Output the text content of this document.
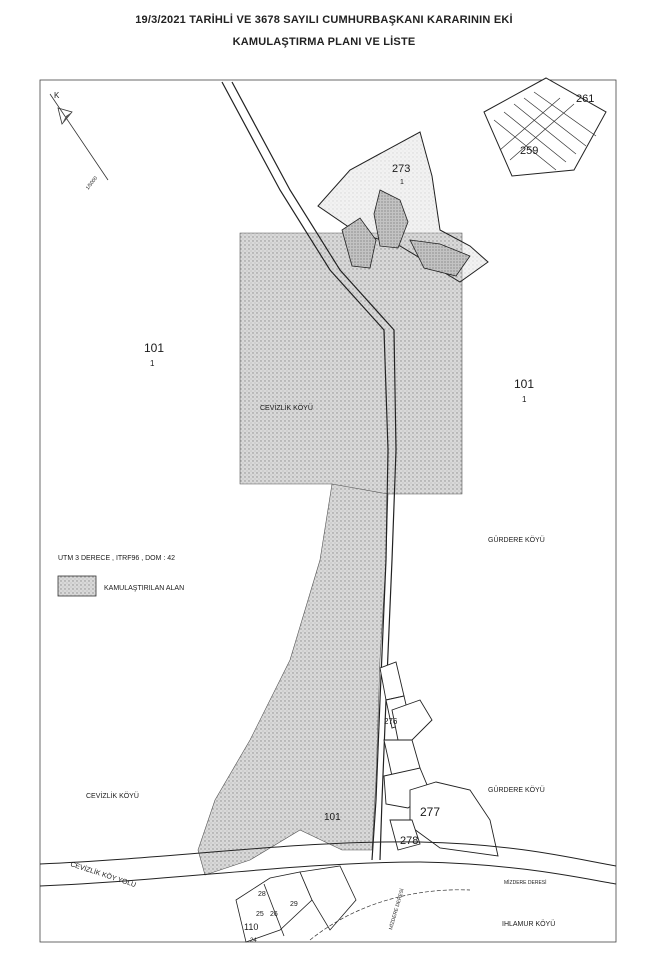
19/3/2021 TARİHLİ VE 3678 SAYILI CUMHURBAŞKANI KARARININ EKİ
KAMULAŞTIRMA PLANI VE LİSTE
K
1/5000
101
1
101
1
273
1
261
259
CEVİZLİK KÖYÜ
GÜRDERE KÖYÜ
UTM 3 DERECE , ITRF96 , DOM : 42
KAMULAŞTIRILAN ALAN
276
277
278
101
CEVİZLİK KÖYÜ
GÜRDERE KÖYÜ
IHLAMUR KÖYÜ
CEVİZLİK KÖY YOLU	MİZDERE DERESİ
MİZDERE DERESİ
28
29
25 26
110
24
